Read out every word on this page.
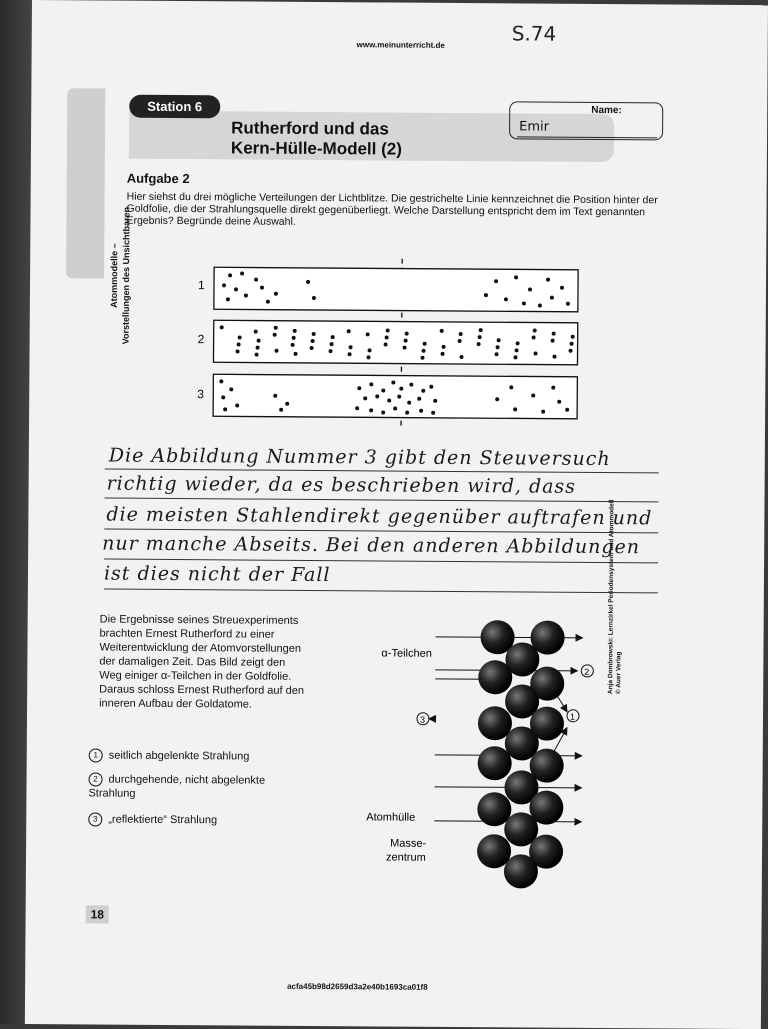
www.meinunterricht.de	S.74
Atommodelle – Vorstellungen des Unsichtbaren
Station 6
Rutherford und das
Kern-Hülle-Modell (2)
Name:
Emir
Aufgabe 2
Hier siehst du drei mögliche Verteilungen der Lichtblitze. Die gestrichelte Linie kennzeichnet die Position hinter der Goldfolie, die der Strahlungsquelle direkt gegenüberliegt. Welche Darstellung entspricht dem im Text genannten Ergebnis? Begründe deine Auswahl.
1
2
3
Die Abbildung Nummer 3 gibt den Steuversuch
richtig wieder, da es beschrieben wird, dass
die meisten Stahlendirekt gegenüber auftrafen und
nur manche Abseits. Bei den anderen Abbildungen
ist dies nicht der Fall
Die Ergebnisse seines Streuexperiments brachten Ernest Rutherford zu einer Weiterentwicklung der Atomvorstellungen der damaligen Zeit. Das Bild zeigt den Weg einiger α-Teilchen in der Goldfolie. Daraus schloss Ernest Rutherford auf den inneren Aufbau der Goldatome.
1 seitlich abgelenkte Strahlung
2 durchgehende, nicht abgelenkte Strahlung
3 „reflektierte“ Strahlung
α-Teilchen
Atomhülle
Masse-
zentrum
2
1
3
Anja Dombrowski: Lernzirkel Periodensystem und Atommodell © Auer Verlag
18
acfa45b98d2659d3a2e40b1693ca01f8
